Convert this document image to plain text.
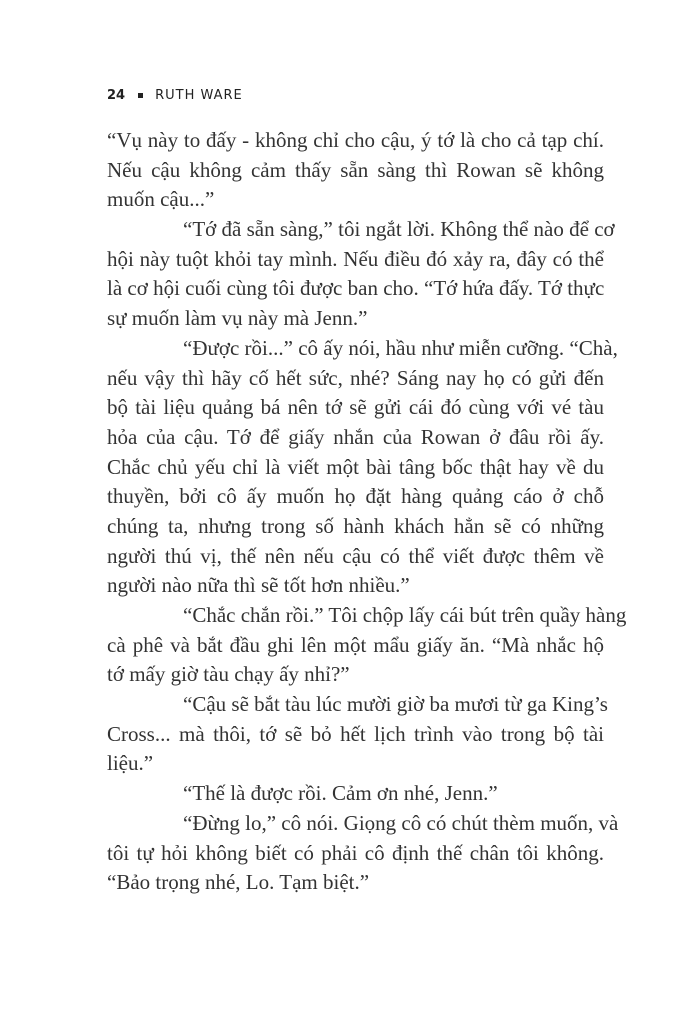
24 RUTH WARE
“Vụ này to đấy - không chỉ cho cậu, ý tớ là cho cả tạp chí.
Nếu cậu không cảm thấy sẵn sàng thì Rowan sẽ không
muốn cậu...”
“Tớ đã sẵn sàng,” tôi ngắt lời. Không thể nào để cơ
hội này tuột khỏi tay mình. Nếu điều đó xảy ra, đây có thể
là cơ hội cuối cùng tôi được ban cho. “Tớ hứa đấy. Tớ thực
sự muốn làm vụ này mà Jenn.”
“Được rồi...” cô ấy nói, hầu như miễn cưỡng. “Chà,
nếu vậy thì hãy cố hết sức, nhé? Sáng nay họ có gửi đến
bộ tài liệu quảng bá nên tớ sẽ gửi cái đó cùng với vé tàu
hỏa của cậu. Tớ để giấy nhắn của Rowan ở đâu rồi ấy.
Chắc chủ yếu chỉ là viết một bài tâng bốc thật hay về du
thuyền, bởi cô ấy muốn họ đặt hàng quảng cáo ở chỗ
chúng ta, nhưng trong số hành khách hẳn sẽ có những
người thú vị, thế nên nếu cậu có thể viết được thêm về
người nào nữa thì sẽ tốt hơn nhiều.”
“Chắc chắn rồi.” Tôi chộp lấy cái bút trên quầy hàng
cà phê và bắt đầu ghi lên một mẩu giấy ăn. “Mà nhắc hộ
tớ mấy giờ tàu chạy ấy nhỉ?”
“Cậu sẽ bắt tàu lúc mười giờ ba mươi từ ga King’s
Cross... mà thôi, tớ sẽ bỏ hết lịch trình vào trong bộ tài
liệu.”
“Thế là được rồi. Cảm ơn nhé, Jenn.”
“Đừng lo,” cô nói. Giọng cô có chút thèm muốn, và
tôi tự hỏi không biết có phải cô định thế chân tôi không.
“Bảo trọng nhé, Lo. Tạm biệt.”
